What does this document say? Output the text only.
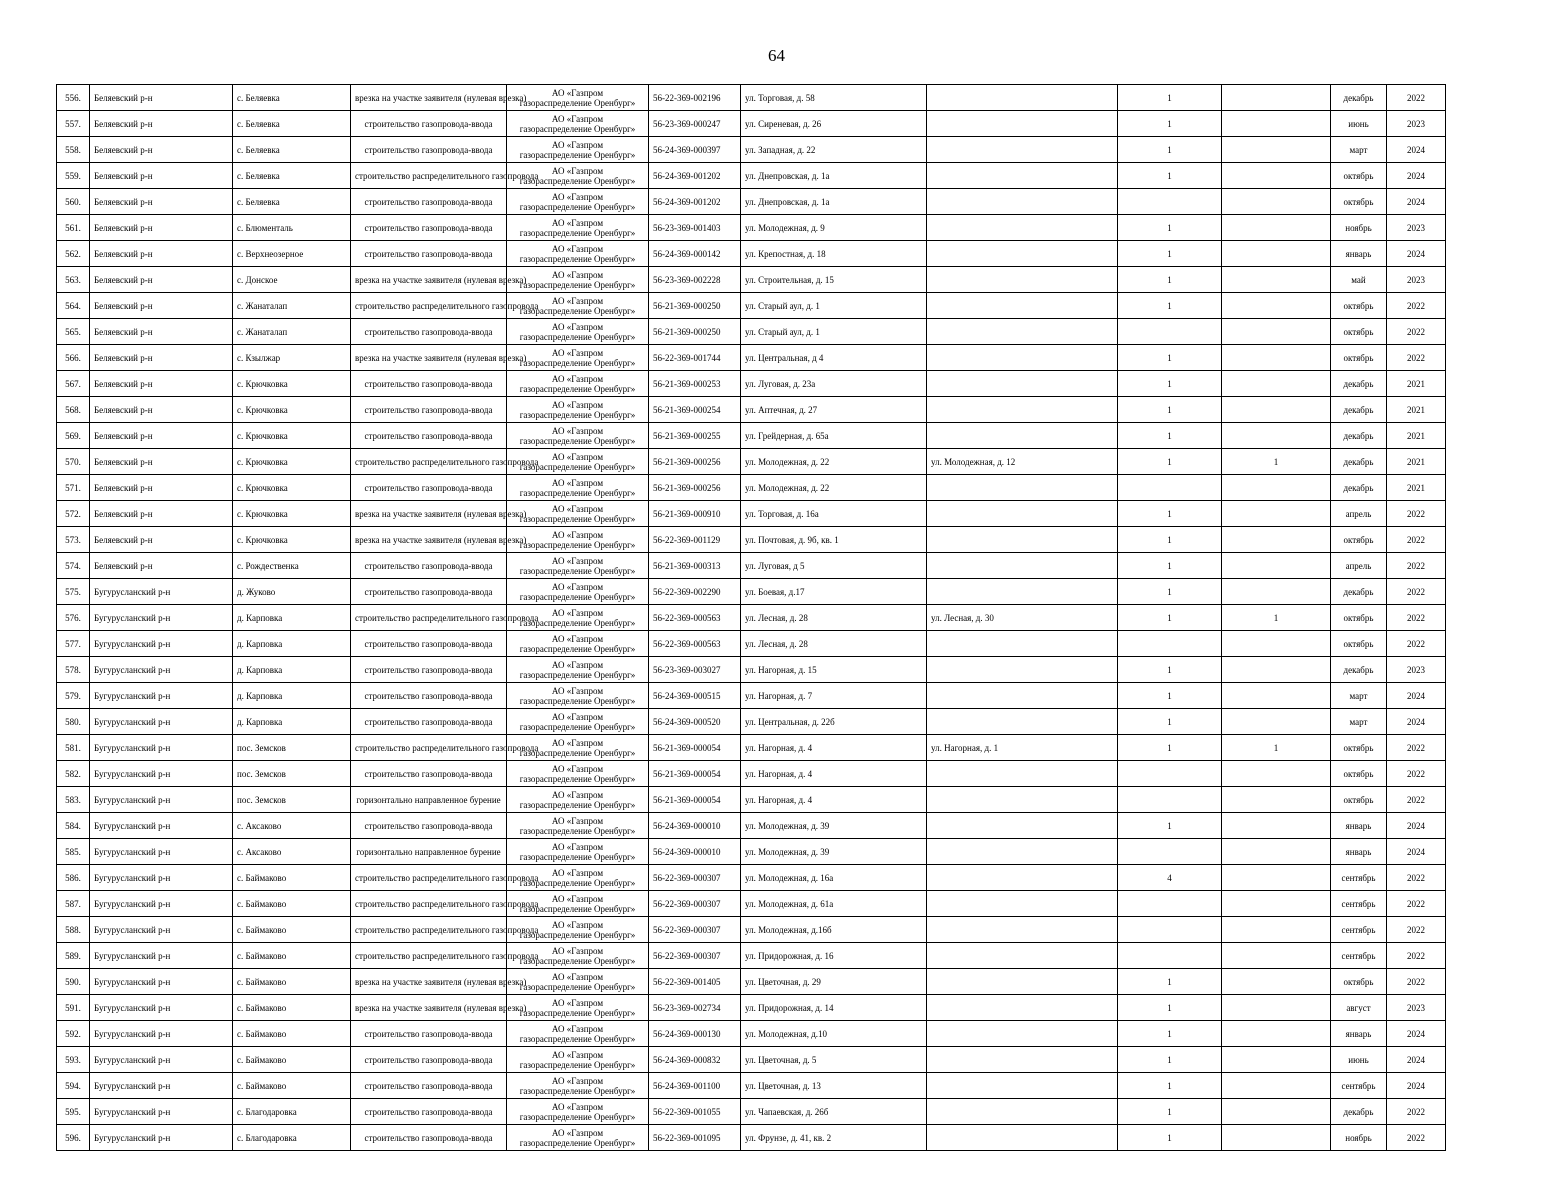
64
556.	Беляевский р-н	с. Беляевка	врезка на участке заявителя (нулевая врезка)	АО «Газпром
газораспределение Оренбург»	56-22-369-002196	ул. Торговая, д. 58		1		декабрь	2022
557.	Беляевский р-н	с. Беляевка	строительство газопровода-ввода	АО «Газпром
газораспределение Оренбург»	56-23-369-000247	ул. Сиреневая, д. 26		1		июнь	2023
558.	Беляевский р-н	с. Беляевка	строительство газопровода-ввода	АО «Газпром
газораспределение Оренбург»	56-24-369-000397	ул. Западная, д. 22		1		март	2024
559.	Беляевский р-н	с. Беляевка	строительство распределительного газопровода	АО «Газпром
газораспределение Оренбург»	56-24-369-001202	ул. Днепровская, д. 1а		1		октябрь	2024
560.	Беляевский р-н	с. Беляевка	строительство газопровода-ввода	АО «Газпром
газораспределение Оренбург»	56-24-369-001202	ул. Днепровская, д. 1а				октябрь	2024
561.	Беляевский р-н	с. Блюменталь	строительство газопровода-ввода	АО «Газпром
газораспределение Оренбург»	56-23-369-001403	ул. Молодежная, д. 9		1		ноябрь	2023
562.	Беляевский р-н	с. Верхнеозерное	строительство газопровода-ввода	АО «Газпром
газораспределение Оренбург»	56-24-369-000142	ул. Крепостная, д. 18		1		январь	2024
563.	Беляевский р-н	с. Донское	врезка на участке заявителя (нулевая врезка)	АО «Газпром
газораспределение Оренбург»	56-23-369-002228	ул. Строительная, д. 15		1		май	2023
564.	Беляевский р-н	с. Жанаталап	строительство распределительного газопровода	АО «Газпром
газораспределение Оренбург»	56-21-369-000250	ул. Старый аул, д. 1		1		октябрь	2022
565.	Беляевский р-н	с. Жанаталап	строительство газопровода-ввода	АО «Газпром
газораспределение Оренбург»	56-21-369-000250	ул. Старый аул, д. 1				октябрь	2022
566.	Беляевский р-н	с. Кзылжар	врезка на участке заявителя (нулевая врезка)	АО «Газпром
газораспределение Оренбург»	56-22-369-001744	ул. Центральная, д 4		1		октябрь	2022
567.	Беляевский р-н	с. Крючковка	строительство газопровода-ввода	АО «Газпром
газораспределение Оренбург»	56-21-369-000253	ул. Луговая, д. 23а		1		декабрь	2021
568.	Беляевский р-н	с. Крючковка	строительство газопровода-ввода	АО «Газпром
газораспределение Оренбург»	56-21-369-000254	ул. Аптечная, д. 27		1		декабрь	2021
569.	Беляевский р-н	с. Крючковка	строительство газопровода-ввода	АО «Газпром
газораспределение Оренбург»	56-21-369-000255	ул. Грейдерная, д. 65а		1		декабрь	2021
570.	Беляевский р-н	с. Крючковка	строительство распределительного газопровода	АО «Газпром
газораспределение Оренбург»	56-21-369-000256	ул. Молодежная, д. 22	ул. Молодежная, д. 12	1	1	декабрь	2021
571.	Беляевский р-н	с. Крючковка	строительство газопровода-ввода	АО «Газпром
газораспределение Оренбург»	56-21-369-000256	ул. Молодежная, д. 22				декабрь	2021
572.	Беляевский р-н	с. Крючковка	врезка на участке заявителя (нулевая врезка)	АО «Газпром
газораспределение Оренбург»	56-21-369-000910	ул. Торговая, д. 16а		1		апрель	2022
573.	Беляевский р-н	с. Крючковка	врезка на участке заявителя (нулевая врезка)	АО «Газпром
газораспределение Оренбург»	56-22-369-001129	ул. Почтовая, д. 9б, кв. 1		1		октябрь	2022
574.	Беляевский р-н	с. Рождественка	строительство газопровода-ввода	АО «Газпром
газораспределение Оренбург»	56-21-369-000313	ул. Луговая, д 5		1		апрель	2022
575.	Бугурусланский р-н	д. Жуково	строительство газопровода-ввода	АО «Газпром
газораспределение Оренбург»	56-22-369-002290	ул. Боевая, д.17		1		декабрь	2022
576.	Бугурусланский р-н	д. Карповка	строительство распределительного газопровода	АО «Газпром
газораспределение Оренбург»	56-22-369-000563	ул. Лесная, д. 28	ул. Лесная, д. 30	1	1	октябрь	2022
577.	Бугурусланский р-н	д. Карповка	строительство газопровода-ввода	АО «Газпром
газораспределение Оренбург»	56-22-369-000563	ул. Лесная, д. 28				октябрь	2022
578.	Бугурусланский р-н	д. Карповка	строительство газопровода-ввода	АО «Газпром
газораспределение Оренбург»	56-23-369-003027	ул. Нагорная, д. 15		1		декабрь	2023
579.	Бугурусланский р-н	д. Карповка	строительство газопровода-ввода	АО «Газпром
газораспределение Оренбург»	56-24-369-000515	ул. Нагорная, д. 7		1		март	2024
580.	Бугурусланский р-н	д. Карповка	строительство газопровода-ввода	АО «Газпром
газораспределение Оренбург»	56-24-369-000520	ул. Центральная, д. 22б		1		март	2024
581.	Бугурусланский р-н	пос. Земсков	строительство распределительного газопровода	АО «Газпром
газораспределение Оренбург»	56-21-369-000054	ул. Нагорная, д. 4	ул. Нагорная, д. 1	1	1	октябрь	2022
582.	Бугурусланский р-н	пос. Земсков	строительство газопровода-ввода	АО «Газпром
газораспределение Оренбург»	56-21-369-000054	ул. Нагорная, д. 4				октябрь	2022
583.	Бугурусланский р-н	пос. Земсков	горизонтально направленное бурение	АО «Газпром
газораспределение Оренбург»	56-21-369-000054	ул. Нагорная, д. 4				октябрь	2022
584.	Бугурусланский р-н	с. Аксаково	строительство газопровода-ввода	АО «Газпром
газораспределение Оренбург»	56-24-369-000010	ул. Молодежная, д. 39		1		январь	2024
585.	Бугурусланский р-н	с. Аксаково	горизонтально направленное бурение	АО «Газпром
газораспределение Оренбург»	56-24-369-000010	ул. Молодежная, д. 39				январь	2024
586.	Бугурусланский р-н	с. Баймаково	строительство распределительного газопровода	АО «Газпром
газораспределение Оренбург»	56-22-369-000307	ул. Молодежная, д. 16а		4		сентябрь	2022
587.	Бугурусланский р-н	с. Баймаково	строительство распределительного газопровода	АО «Газпром
газораспределение Оренбург»	56-22-369-000307	ул. Молодежная, д. 61а				сентябрь	2022
588.	Бугурусланский р-н	с. Баймаково	строительство распределительного газопровода	АО «Газпром
газораспределение Оренбург»	56-22-369-000307	ул. Молодежная, д.16б				сентябрь	2022
589.	Бугурусланский р-н	с. Баймаково	строительство распределительного газопровода	АО «Газпром
газораспределение Оренбург»	56-22-369-000307	ул. Придорожная, д. 16				сентябрь	2022
590.	Бугурусланский р-н	с. Баймаково	врезка на участке заявителя (нулевая врезка)	АО «Газпром
газораспределение Оренбург»	56-22-369-001405	ул. Цветочная, д. 29		1		октябрь	2022
591.	Бугурусланский р-н	с. Баймаково	врезка на участке заявителя (нулевая врезка)	АО «Газпром
газораспределение Оренбург»	56-23-369-002734	ул. Придорожная, д. 14		1		август	2023
592.	Бугурусланский р-н	с. Баймаково	строительство газопровода-ввода	АО «Газпром
газораспределение Оренбург»	56-24-369-000130	ул. Молодежная, д.10		1		январь	2024
593.	Бугурусланский р-н	с. Баймаково	строительство газопровода-ввода	АО «Газпром
газораспределение Оренбург»	56-24-369-000832	ул. Цветочная, д. 5		1		июнь	2024
594.	Бугурусланский р-н	с. Баймаково	строительство газопровода-ввода	АО «Газпром
газораспределение Оренбург»	56-24-369-001100	ул. Цветочная, д. 13		1		сентябрь	2024
595.	Бугурусланский р-н	с. Благодаровка	строительство газопровода-ввода	АО «Газпром
газораспределение Оренбург»	56-22-369-001055	ул. Чапаевская, д. 26б		1		декабрь	2022
596.	Бугурусланский р-н	с. Благодаровка	строительство газопровода-ввода	АО «Газпром
газораспределение Оренбург»	56-22-369-001095	ул. Фрунзе, д. 41, кв. 2		1		ноябрь	2022
